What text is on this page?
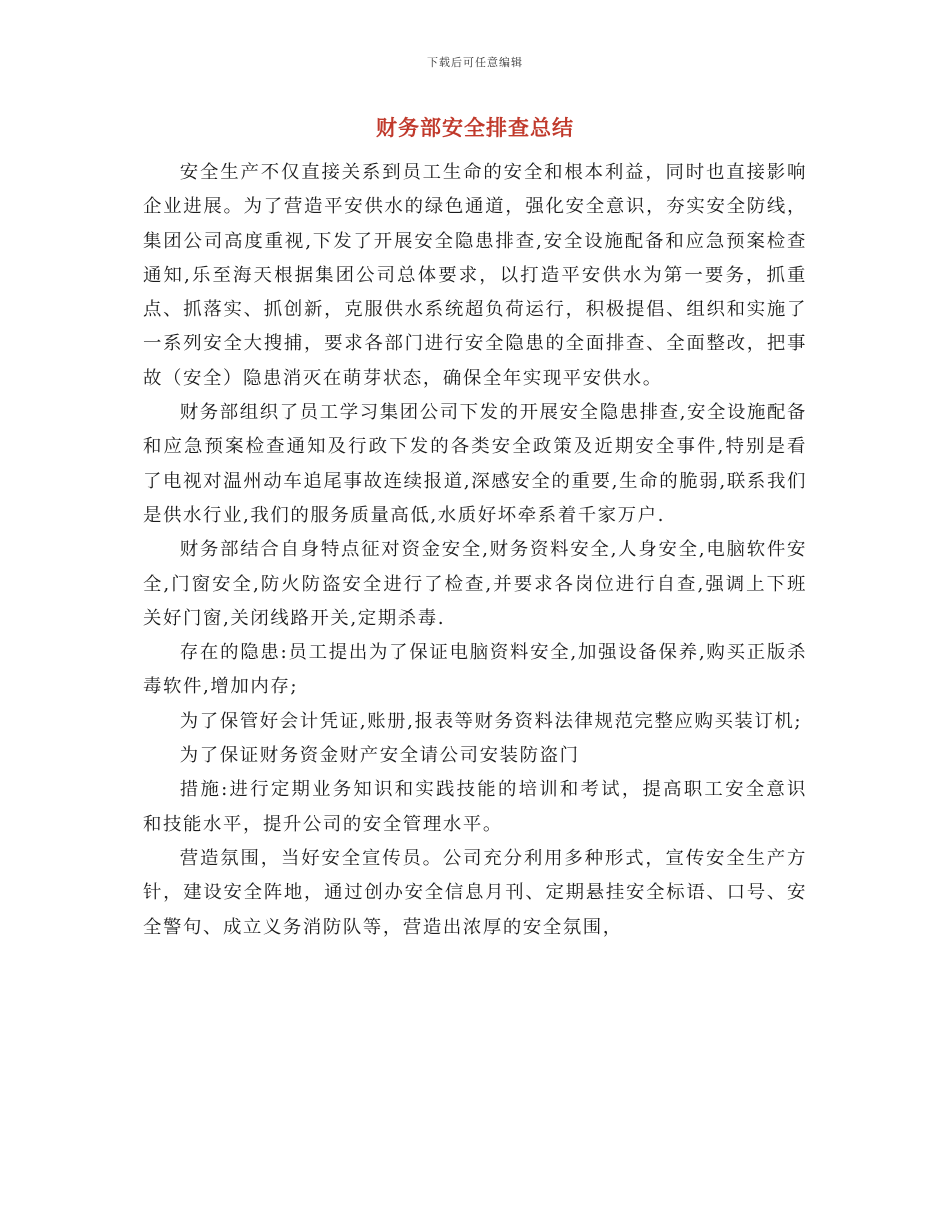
下载后可任意编辑
财务部安全排查总结

安全生产不仅直接关系到员工生命的安全和根本利益，同时也直接影响企业进展。为了营造平安供水的绿色通道，强化安全意识，夯实安全防线，集团公司高度重视,下发了开展安全隐患排查,安全设施配备和应急预案检查通知,乐至海天根据集团公司总体要求，以打造平安供水为第一要务，抓重点、抓落实、抓创新，克服供水系统超负荷运行，积极提倡、组织和实施了一系列安全大搜捕，要求各部门进行安全隐患的全面排查、全面整改，把事故（安全）隐患消灭在萌芽状态，确保全年实现平安供水。

财务部组织了员工学习集团公司下发的开展安全隐患排查,安全设施配备和应急预案检查通知及行政下发的各类安全政策及近期安全事件,特别是看了电视对温州动车追尾事故连续报道,深感安全的重要,生命的脆弱,联系我们是供水行业,我们的服务质量高低,水质好坏牵系着千家万户.

财务部结合自身特点征对资金安全,财务资料安全,人身安全,电脑软件安全,门窗安全,防火防盗安全进行了检查,并要求各岗位进行自查,强调上下班关好门窗,关闭线路开关,定期杀毒.

存在的隐患:员工提出为了保证电脑资料安全,加强设备保养,购买正版杀毒软件,增加内存;

为了保管好会计凭证,账册,报表等财务资料法律规范完整应购买装订机;

为了保证财务资金财产安全请公司安装防盗门

措施:进行定期业务知识和实践技能的培训和考试，提高职工安全意识和技能水平，提升公司的安全管理水平。

营造氛围，当好安全宣传员。公司充分利用多种形式，宣传安全生产方针，建设安全阵地，通过创办安全信息月刊、定期悬挂安全标语、口号、安全警句、成立义务消防队等，营造出浓厚的安全氛围，
